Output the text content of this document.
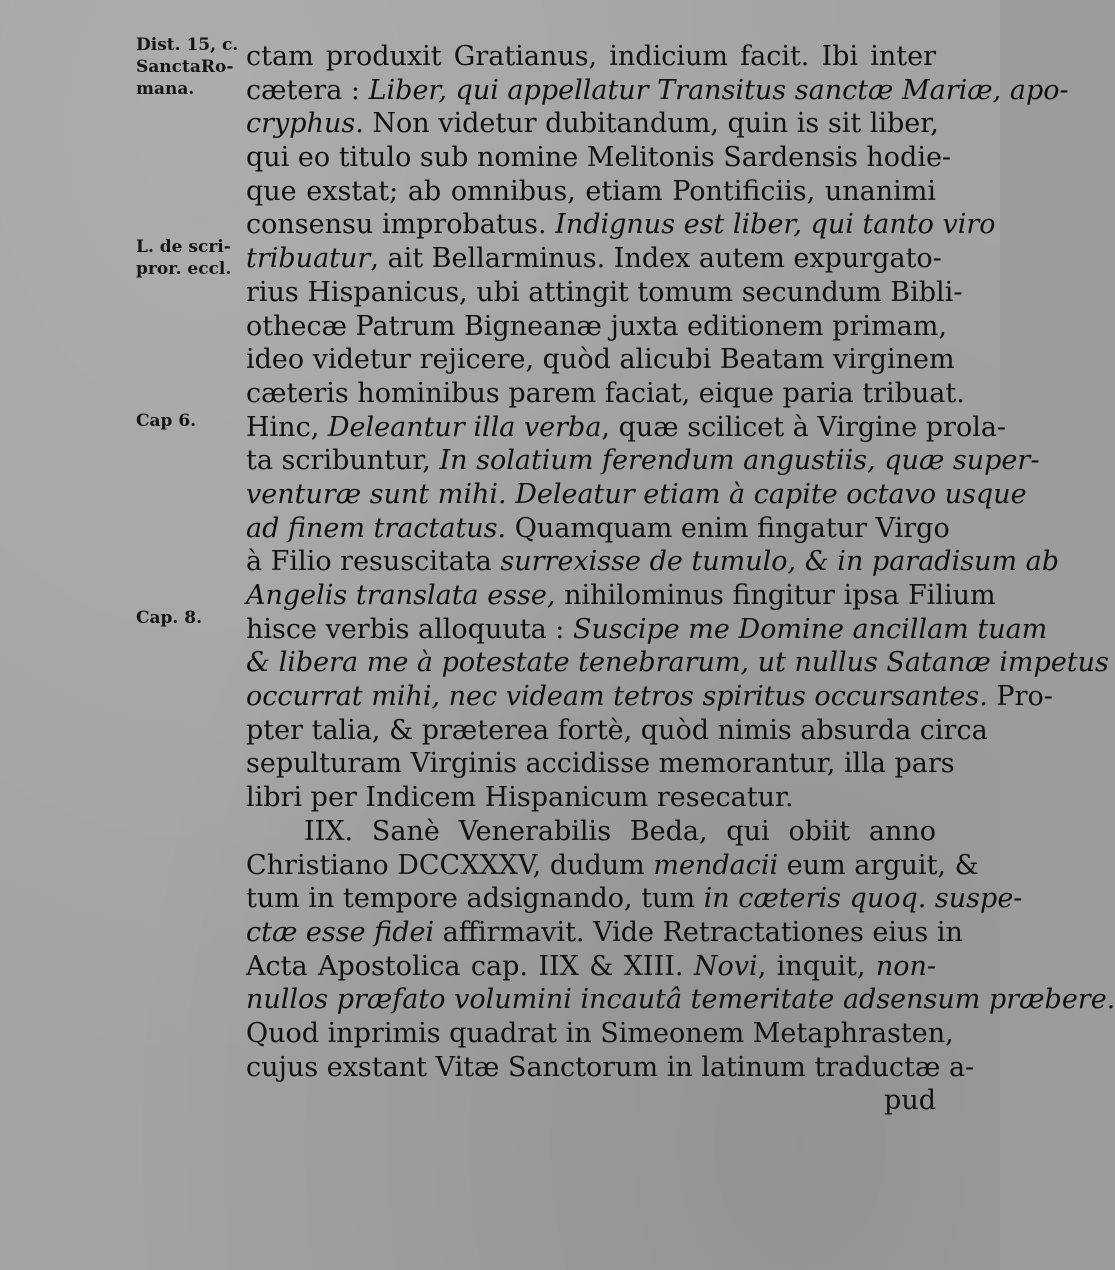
Dist. 15, c.
SanctaRo-
mana.
L. de scri-
pror. eccl.
Cap 6.
Cap. 8.
ctam produxit Gratianus, indicium facit. Ibi inter
cætera : Liber, qui appellatur Transitus sanctæ Mariæ, apo-
cryphus. Non videtur dubitandum, quin is sit liber,
qui eo titulo sub nomine Melitonis Sardensis hodie-
que exstat; ab omnibus, etiam Pontificiis, unanimi
consensu improbatus. Indignus est liber, qui tanto viro
tribuatur, ait Bellarminus. Index autem expurgato-
rius Hispanicus, ubi attingit tomum secundum Bibli-
othecæ Patrum Bigneanæ juxta editionem primam,
ideo videtur rejicere, quòd alicubi Beatam virginem
cæteris hominibus parem faciat, eique paria tribuat.
Hinc, Deleantur illa verba, quæ scilicet à Virgine prola-
ta scribuntur, In solatium ferendum angustiis, quæ super-
venturæ sunt mihi. Deleatur etiam à capite octavo usque
ad finem tractatus. Quamquam enim fingatur Virgo
à Filio resuscitata surrexisse de tumulo, & in paradisum ab
Angelis translata esse, nihilominus fingitur ipsa Filium
hisce verbis alloquuta : Suscipe me Domine ancillam tuam
& libera me à potestate tenebrarum, ut nullus Satanæ impetus
occurrat mihi, nec videam tetros spiritus occursantes. Pro-
pter talia, & præterea fortè, quòd nimis absurda circa
sepulturam Virginis accidisse memorantur, illa pars
libri per Indicem Hispanicum resecatur.
IIX. Sanè Venerabilis Beda, qui obiit anno
Christiano DCCXXXV, dudum mendacii eum arguit, &
tum in tempore adsignando, tum in cæteris quoq. suspe-
ctæ esse fidei affirmavit. Vide Retractationes eius in
Acta Apostolica cap. IIX & XIII. Novi, inquit, non-
nullos præfato volumini incautâ temeritate adsensum præbere.
Quod inprimis quadrat in Simeonem Metaphrasten,
cujus exstant Vitæ Sanctorum in latinum traductæ a-
pud
